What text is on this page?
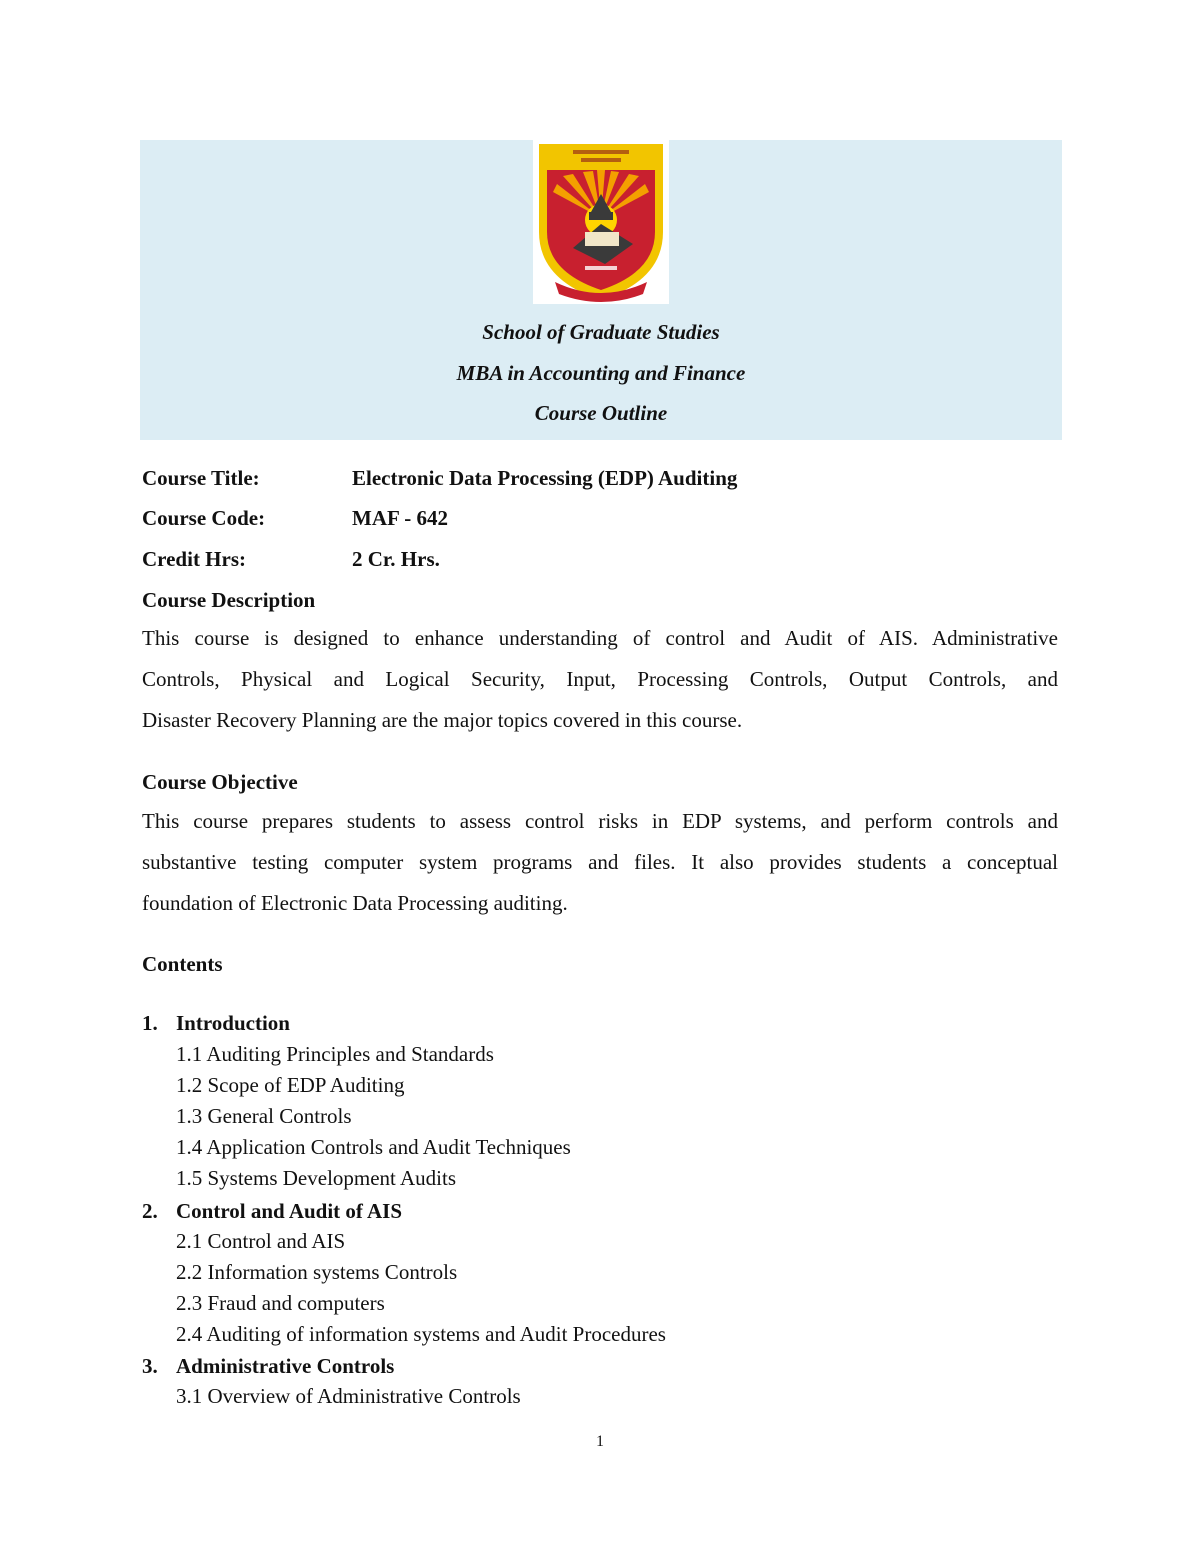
School of Graduate Studies
MBA in Accounting and Finance
Course Outline
Course Title:	Electronic Data Processing (EDP) Auditing
Course Code:	MAF - 642
Credit Hrs:	2 Cr. Hrs.
Course Description
This course is designed to enhance understanding of control and Audit of AIS. Administrative
Controls, Physical and Logical Security, Input, Processing Controls, Output Controls, and
Disaster Recovery Planning are the major topics covered in this course.
Course Objective
This course prepares students to assess control risks in EDP systems, and perform controls and
substantive testing computer system programs and files. It also provides students a conceptual
foundation of Electronic Data Processing auditing.
Contents
1. Introduction
1.1 Auditing Principles and Standards
1.2 Scope of EDP Auditing
1.3 General Controls
1.4 Application Controls and Audit Techniques
1.5 Systems Development Audits
2. Control and Audit of AIS
2.1 Control and AIS
2.2 Information systems Controls
2.3 Fraud and computers
2.4 Auditing of information systems and Audit Procedures
3. Administrative Controls
3.1 Overview of Administrative Controls
1
